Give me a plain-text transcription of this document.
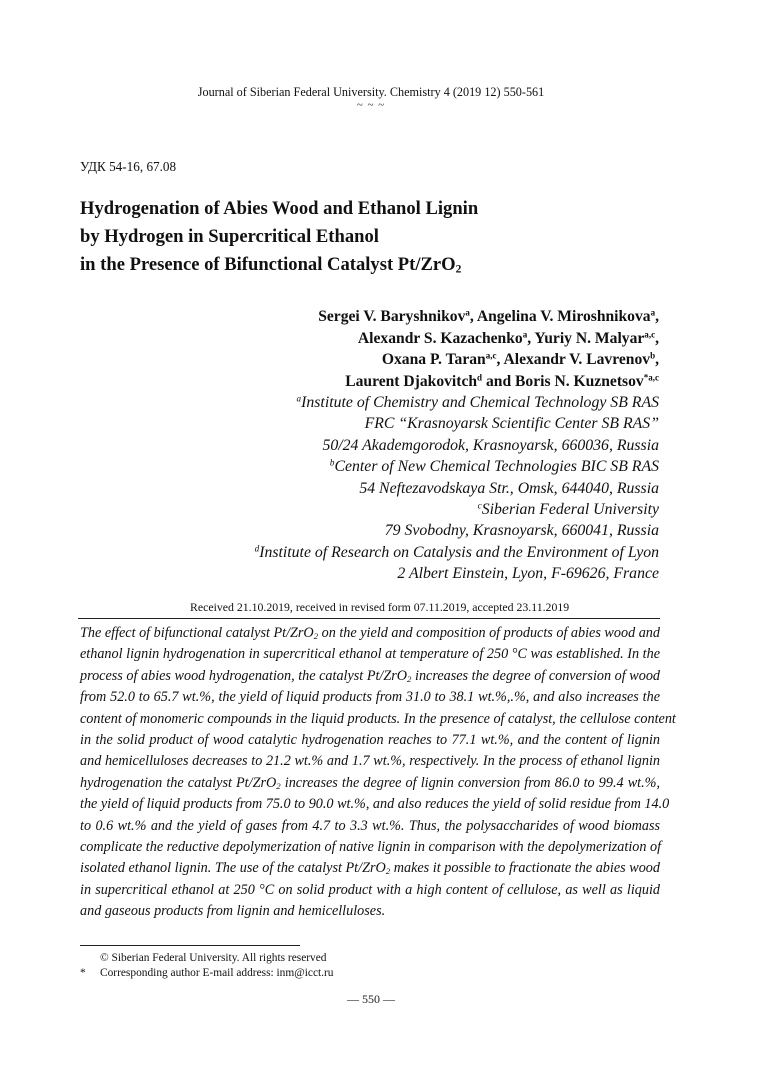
Journal of Siberian Federal University. Chemistry 4 (2019 12) 550-561
~ ~ ~
УДК 54-16, 67.08
Hydrogenation of Abies Wood and Ethanol Lignin
by Hydrogen in Supercritical Ethanol
in the Presence of Bifunctional Catalyst Pt/ZrO$_2$
Sergei V. Baryshnikov$^a$, Angelina V. Miroshnikova$^a$,
Alexandr S. Kazachenko$^a$, Yuriy N. Malyar$^{a,c}$,
Oxana P. Taran$^{a,c}$, Alexandr V. Lavrenov$^b$,
Laurent Djakovitch$^d$ and Boris N. Kuznetsov$^{*a,c}$
$^a$Institute of Chemistry and Chemical Technology SB RAS
FRC “Krasnoyarsk Scientific Center SB RAS”
50/24 Akademgorodok, Krasnoyarsk, 660036, Russia
$^b$Center of New Chemical Technologies BIC SB RAS
54 Neftezavodskaya Str., Omsk, 644040, Russia
$^c$Siberian Federal University
79 Svobodny, Krasnoyarsk, 660041, Russia
$^d$Institute of Research on Catalysis and the Environment of Lyon
2 Albert Einstein, Lyon, F-69626, France
Received 21.10.2019, received in revised form 07.11.2019, accepted 23.11.2019
The effect of bifunctional catalyst Pt/ZrO$_2$ on the yield and composition of products of abies wood and
ethanol lignin hydrogenation in supercritical ethanol at temperature of 250 °C was established. In the
process of abies wood hydrogenation, the catalyst Pt/ZrO$_2$ increases the degree of conversion of wood
from 52.0 to 65.7 wt.%, the yield of liquid products from 31.0 to 38.1 wt.%,.%, and also increases the
content of monomeric compounds in the liquid products. In the presence of catalyst, the cellulose content
in the solid product of wood catalytic hydrogenation reaches to 77.1 wt.%, and the content of lignin
and hemicelluloses decreases to 21.2 wt.% and 1.7 wt.%, respectively. In the process of ethanol lignin
hydrogenation the catalyst Pt/ZrO$_2$ increases the degree of lignin conversion from 86.0 to 99.4 wt.%,
the yield of liquid products from 75.0 to 90.0 wt.%, and also reduces the yield of solid residue from 14.0
to 0.6 wt.% and the yield of gases from 4.7 to 3.3 wt.%. Thus, the polysaccharides of wood biomass
complicate the reductive depolymerization of native lignin in comparison with the depolymerization of
isolated ethanol lignin. The use of the catalyst Pt/ZrO$_2$ makes it possible to fractionate the abies wood
in supercritical ethanol at 250 °C on solid product with a high content of cellulose, as well as liquid
and gaseous products from lignin and hemicelluloses.
© Siberian Federal University. All rights reserved
* Corresponding author E-mail address: inm@icct.ru
— 550 —
